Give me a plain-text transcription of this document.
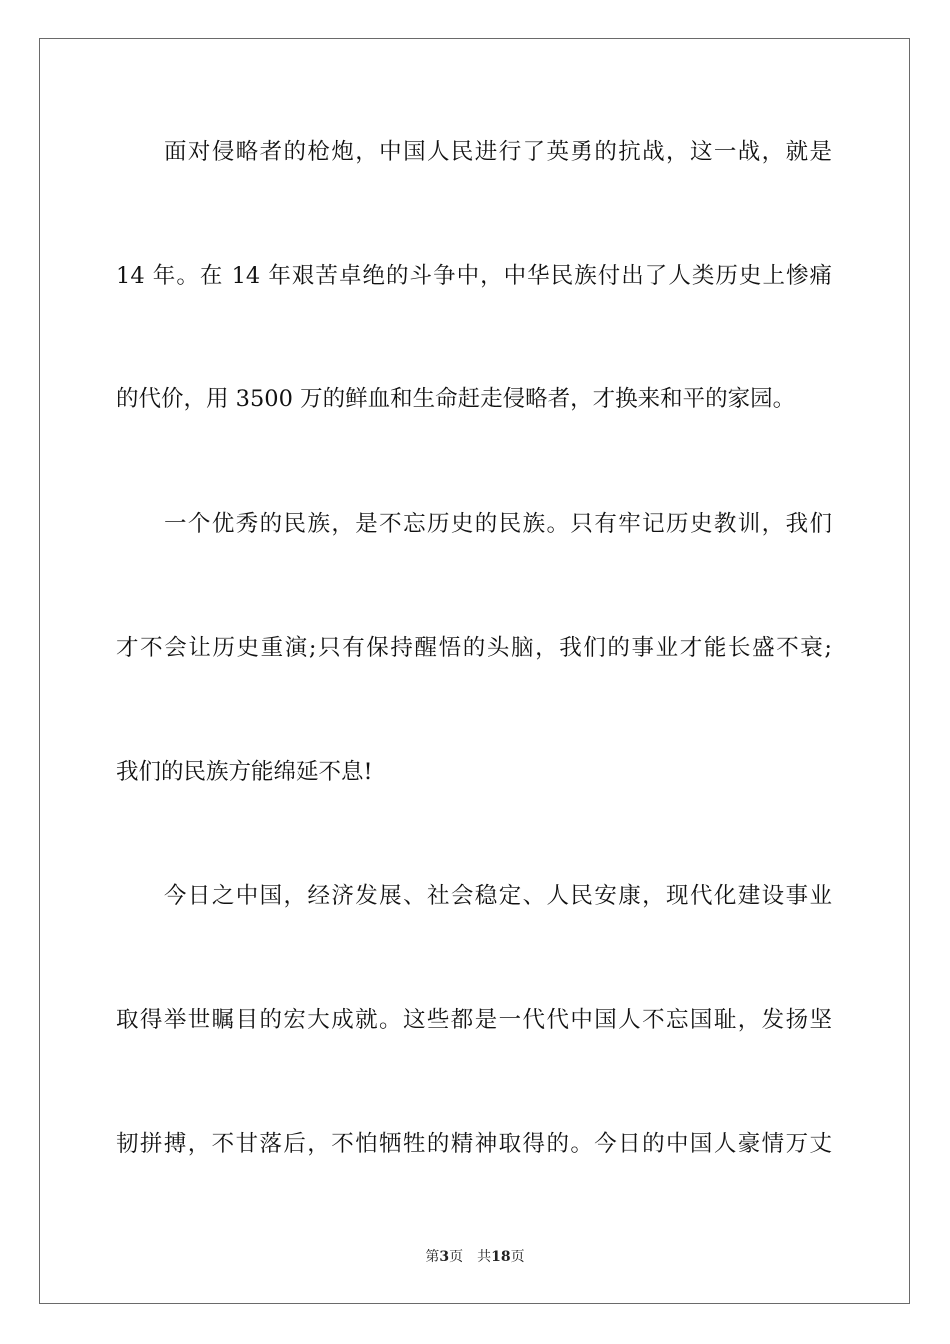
面对侵略者的枪炮，中国人民进行了英勇的抗战，这一战，就是
14 年。在 14 年艰苦卓绝的斗争中，中华民族付出了人类历史上惨痛
的代价，用 3500 万的鲜血和生命赶走侵略者，才换来和平的家园。
一个优秀的民族，是不忘历史的民族。只有牢记历史教训，我们
才不会让历史重演;只有保持醒悟的头脑，我们的事业才能长盛不衰;
我们的民族方能绵延不息!
今日之中国，经济发展、社会稳定、人民安康，现代化建设事业
取得举世瞩目的宏大成就。这些都是一代代中国人不忘国耻，发扬坚
韧拼搏，不甘落后，不怕牺牲的精神取得的。今日的中国人豪情万丈
第3页 共18页
